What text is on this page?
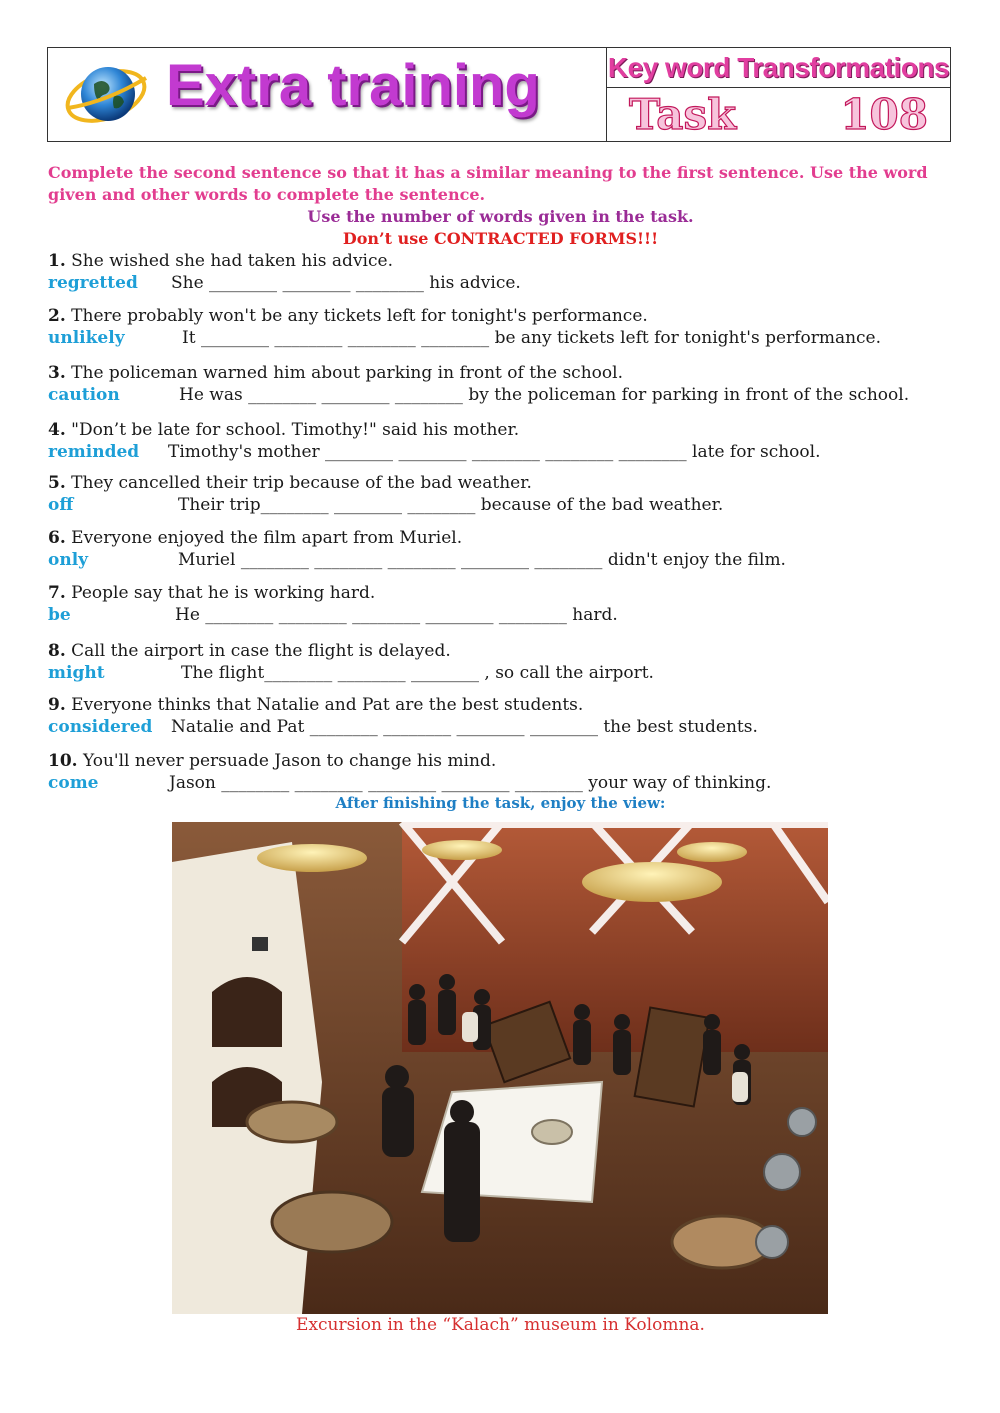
Extra training Key word Transformations
Task 108
Complete the second sentence so that it has a similar meaning to the first sentence. Use the word given and other words to complete the sentence.
Use the number of words given in the task.
Don’t use CONTRACTED FORMS!!!
1. She wished she had taken his advice.
regretted	She ________ ________ ________ his advice.
2. There probably won't be any tickets left for tonight's performance.
unlikely	It ________ ________ ________ ________ be any tickets left for tonight's performance.
3. The policeman warned him about parking in front of the school.
caution	He was ________ ________ ________ by the policeman for parking in front of the school.
4. "Don’t be late for school. Timothy!" said his mother.
reminded	Timothy's mother ________ ________ ________ ________ ________ late for school.
5. They cancelled their trip because of the bad weather.
off	Their trip________ ________ ________ because of the bad weather.
6. Everyone enjoyed the film apart from Muriel.
only	Muriel ________ ________ ________ ________ ________ didn't enjoy the film.
7. People say that he is working hard.
be	He ________ ________ ________ ________ ________ hard.
8. Call the airport in case the flight is delayed.
might	The flight________ ________ ________ , so call the airport.
9. Everyone thinks that Natalie and Pat are the best students.
considered	Natalie and Pat ________ ________ ________ ________ the best students.
10. You'll never persuade Jason to change his mind.
come	Jason ________ ________ ________ ________ ________ your way of thinking.
After finishing the task, enjoy the view:
Excursion in the “Kalach” museum in Kolomna.
